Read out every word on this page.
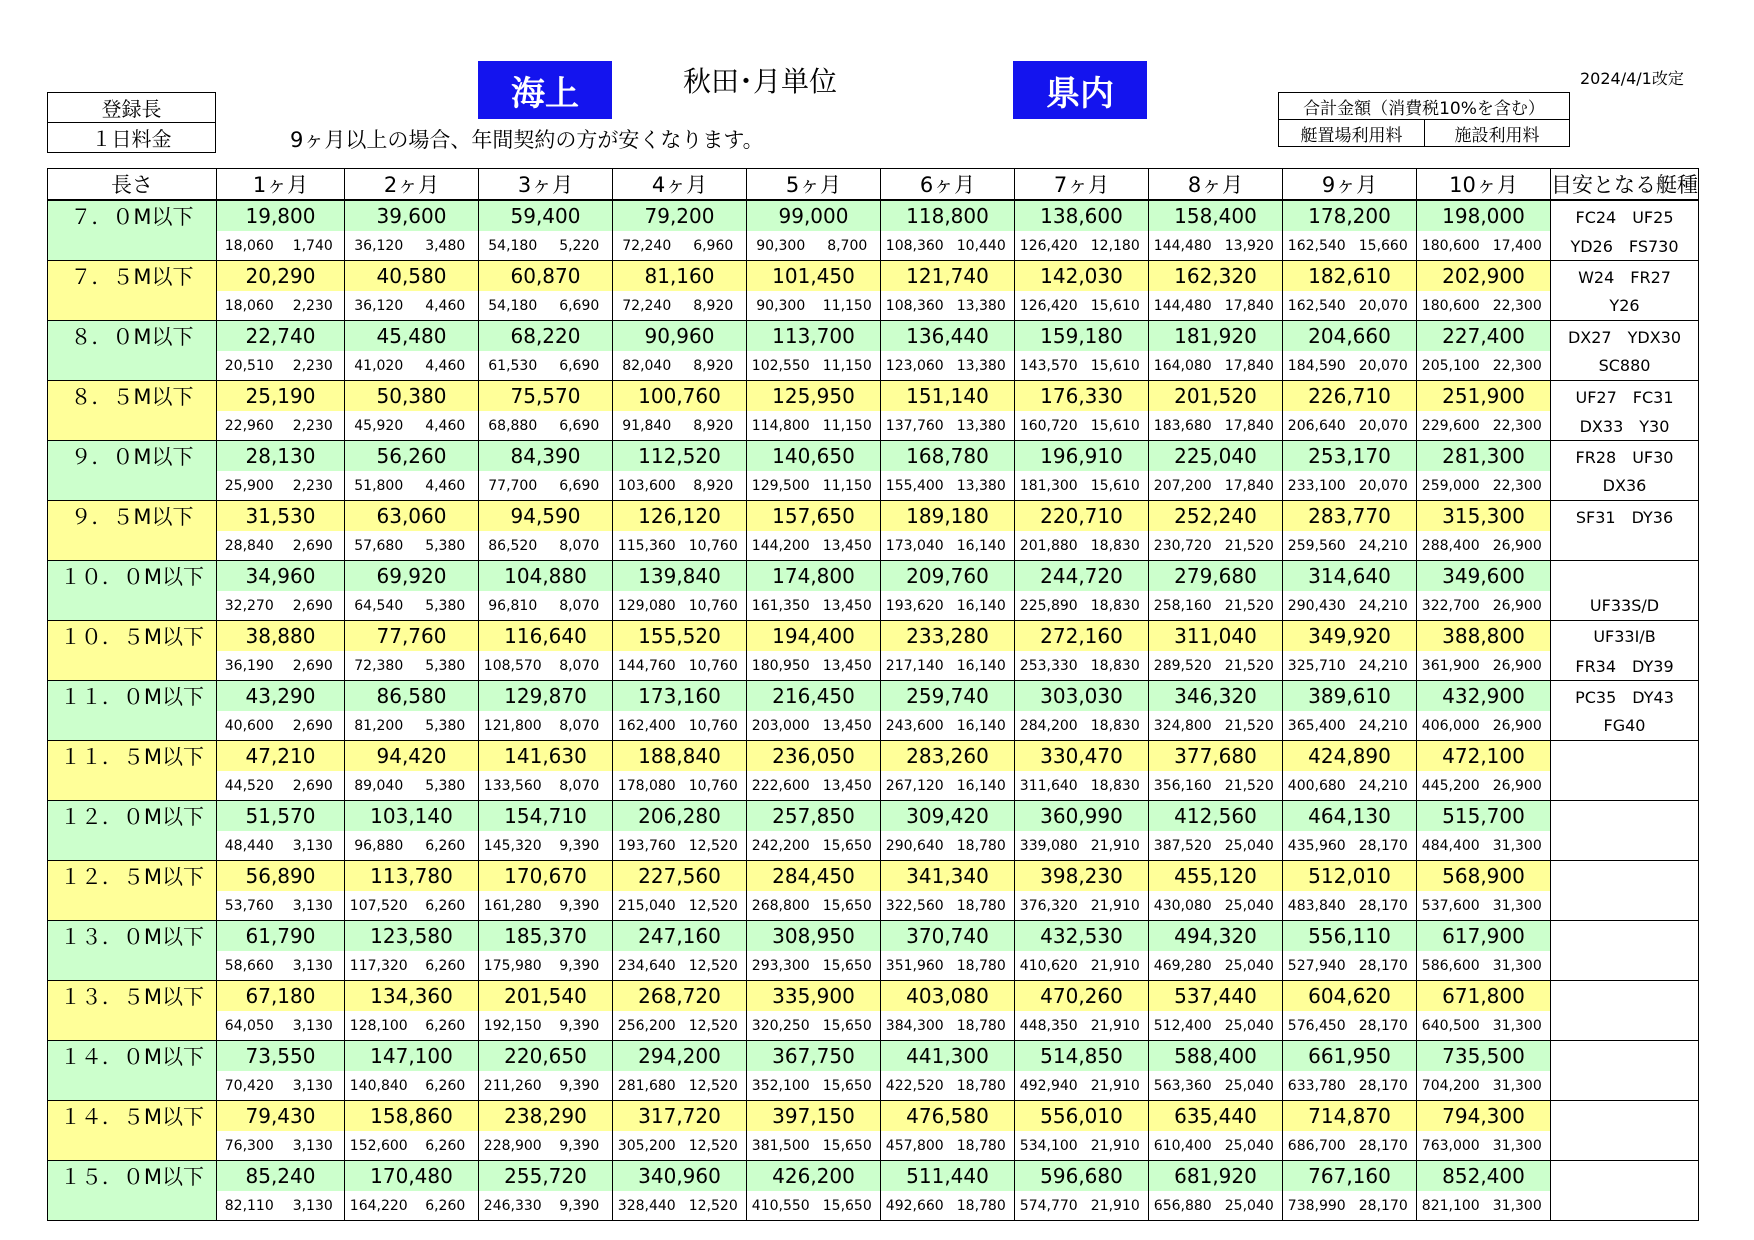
海上	秋田･月単位	県内	2024/4/1改定
登録長
１日料金	9ヶ月以上の場合、年間契約の方が安くなります。
合計金額（消費税10%を含む）
艇置場利用料	施設利用料
長さ	1ヶ月		2ヶ月		3ヶ月		4ヶ月		5ヶ月		6ヶ月		7ヶ月		8ヶ月		9ヶ月		10ヶ月		目安となる艇種
７．０M以下	19,800		39,600		59,400		79,200		99,000		118,800		138,600		158,400		178,200		198,000		FC24　UF25
	18,060	1,740	36,120	3,480	54,180	5,220	72,240	6,960	90,300	8,700	108,360	10,440	126,420	12,180	144,480	13,920	162,540	15,660	180,600	17,400	YD26　FS730
７．５M以下	20,290		40,580		60,870		81,160		101,450		121,740		142,030		162,320		182,610		202,900		W24　FR27
	18,060	2,230	36,120	4,460	54,180	6,690	72,240	8,920	90,300	11,150	108,360	13,380	126,420	15,610	144,480	17,840	162,540	20,070	180,600	22,300	Y26
８．０M以下	22,740		45,480		68,220		90,960		113,700		136,440		159,180		181,920		204,660		227,400		DX27　YDX30
	20,510	2,230	41,020	4,460	61,530	6,690	82,040	8,920	102,550	11,150	123,060	13,380	143,570	15,610	164,080	17,840	184,590	20,070	205,100	22,300	SC880
８．５M以下	25,190		50,380		75,570		100,760		125,950		151,140		176,330		201,520		226,710		251,900		UF27　FC31
	22,960	2,230	45,920	4,460	68,880	6,690	91,840	8,920	114,800	11,150	137,760	13,380	160,720	15,610	183,680	17,840	206,640	20,070	229,600	22,300	DX33　Y30
９．０M以下	28,130		56,260		84,390		112,520		140,650		168,780		196,910		225,040		253,170		281,300		FR28　UF30
	25,900	2,230	51,800	4,460	77,700	6,690	103,600	8,920	129,500	11,150	155,400	13,380	181,300	15,610	207,200	17,840	233,100	20,070	259,000	22,300	DX36
９．５M以下	31,530		63,060		94,590		126,120		157,650		189,180		220,710		252,240		283,770		315,300		SF31　DY36
	28,840	2,690	57,680	5,380	86,520	8,070	115,360	10,760	144,200	13,450	173,040	16,140	201,880	18,830	230,720	21,520	259,560	24,210	288,400	26,900	
１０．０M以下	34,960		69,920		104,880		139,840		174,800		209,760		244,720		279,680		314,640		349,600		
	32,270	2,690	64,540	5,380	96,810	8,070	129,080	10,760	161,350	13,450	193,620	16,140	225,890	18,830	258,160	21,520	290,430	24,210	322,700	26,900	UF33S/D
１０．５M以下	38,880		77,760		116,640		155,520		194,400		233,280		272,160		311,040		349,920		388,800		UF33I/B
	36,190	2,690	72,380	5,380	108,570	8,070	144,760	10,760	180,950	13,450	217,140	16,140	253,330	18,830	289,520	21,520	325,710	24,210	361,900	26,900	FR34　DY39
１１．０M以下	43,290		86,580		129,870		173,160		216,450		259,740		303,030		346,320		389,610		432,900		PC35　DY43
	40,600	2,690	81,200	5,380	121,800	8,070	162,400	10,760	203,000	13,450	243,600	16,140	284,200	18,830	324,800	21,520	365,400	24,210	406,000	26,900	FG40
１１．５M以下	47,210		94,420		141,630		188,840		236,050		283,260		330,470		377,680		424,890		472,100		
	44,520	2,690	89,040	5,380	133,560	8,070	178,080	10,760	222,600	13,450	267,120	16,140	311,640	18,830	356,160	21,520	400,680	24,210	445,200	26,900	
１２．０M以下	51,570		103,140		154,710		206,280		257,850		309,420		360,990		412,560		464,130		515,700		
	48,440	3,130	96,880	6,260	145,320	9,390	193,760	12,520	242,200	15,650	290,640	18,780	339,080	21,910	387,520	25,040	435,960	28,170	484,400	31,300	
１２．５M以下	56,890		113,780		170,670		227,560		284,450		341,340		398,230		455,120		512,010		568,900		
	53,760	3,130	107,520	6,260	161,280	9,390	215,040	12,520	268,800	15,650	322,560	18,780	376,320	21,910	430,080	25,040	483,840	28,170	537,600	31,300	
１３．０M以下	61,790		123,580		185,370		247,160		308,950		370,740		432,530		494,320		556,110		617,900		
	58,660	3,130	117,320	6,260	175,980	9,390	234,640	12,520	293,300	15,650	351,960	18,780	410,620	21,910	469,280	25,040	527,940	28,170	586,600	31,300	
１３．５M以下	67,180		134,360		201,540		268,720		335,900		403,080		470,260		537,440		604,620		671,800		
	64,050	3,130	128,100	6,260	192,150	9,390	256,200	12,520	320,250	15,650	384,300	18,780	448,350	21,910	512,400	25,040	576,450	28,170	640,500	31,300	
１４．０M以下	73,550		147,100		220,650		294,200		367,750		441,300		514,850		588,400		661,950		735,500		
	70,420	3,130	140,840	6,260	211,260	9,390	281,680	12,520	352,100	15,650	422,520	18,780	492,940	21,910	563,360	25,040	633,780	28,170	704,200	31,300	
１４．５M以下	79,430		158,860		238,290		317,720		397,150		476,580		556,010		635,440		714,870		794,300		
	76,300	3,130	152,600	6,260	228,900	9,390	305,200	12,520	381,500	15,650	457,800	18,780	534,100	21,910	610,400	25,040	686,700	28,170	763,000	31,300	
１５．０M以下	85,240		170,480		255,720		340,960		426,200		511,440		596,680		681,920		767,160		852,400		
	82,110	3,130	164,220	6,260	246,330	9,390	328,440	12,520	410,550	15,650	492,660	18,780	574,770	21,910	656,880	25,040	738,990	28,170	821,100	31,300	
